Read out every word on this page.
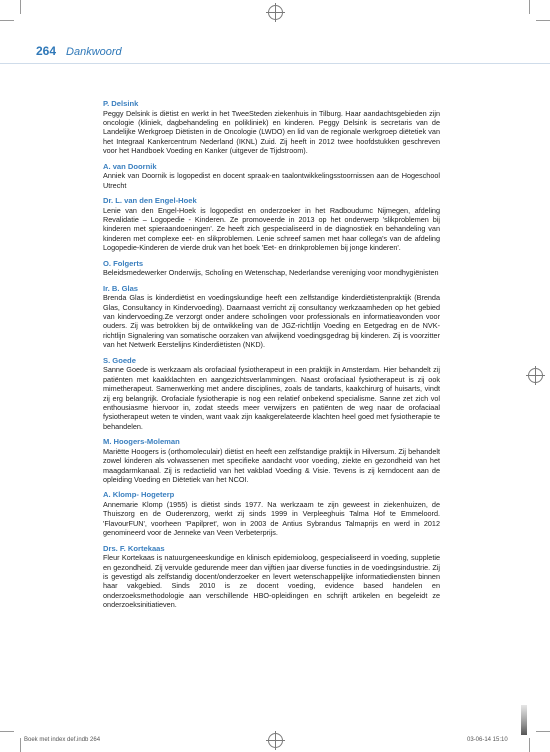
264 Dankwoord
P. Delsink
Peggy Delsink is diëtist en werkt in het TweeSteden ziekenhuis in Tilburg. Haar aandachtsgebieden zijn oncologie (kliniek, dagbehandeling en polikliniek) en kinderen. Peggy Delsink is secretaris van de Landelijke Werkgroep Diëtisten in de Oncologie (LWDO) en lid van de regionale werkgroep diëtetiek van het Integraal Kankercentrum Nederland (IKNL) Zuid. Zij heeft in 2012 twee hoofdstukken geschreven voor het Handboek Voeding en Kanker (uitgever de Tijdstroom).
A. van Doornik
Anniek van Doornik is logopedist en docent spraak-en taalontwikkelingsstoornissen aan de Hogeschool Utrecht
Dr. L. van den Engel-Hoek
Lenie van den Engel-Hoek is logopedist en onderzoeker in het Radboudumc Nijmegen, afdeling Revalidatie – Logopedie - Kinderen. Ze promoveerde in 2013 op het onderwerp 'slikproblemen bij kinderen met spieraandoeningen'. Ze heeft zich gespecialiseerd in de diagnostiek en behandeling van kinderen met complexe eet- en slikproblemen. Lenie schreef samen met haar collega's van de afdeling Logopedie-Kinderen de vierde druk van het boek 'Eet- en drinkproblemen bij jonge kinderen'.
O. Folgerts
Beleidsmedewerker Onderwijs, Scholing en Wetenschap, Nederlandse vereniging voor mondhygiënisten
Ir. B. Glas
Brenda Glas is kinderdiëtist en voedingskundige heeft een zelfstandige kinderdiëtistenpraktijk (Brenda Glas, Consultancy in Kindervoeding). Daarnaast verricht zij consultancy werkzaamheden op het gebied van kindervoeding.Ze verzorgt onder andere scholingen voor professionals en informatieavonden voor ouders. Zij was betrokken bij de ontwikkeling van de JGZ-richtlijn Voeding en Eetgedrag en de NVK-richtlijn Signalering van somatische oorzaken van afwijkend voedingsgedrag bij kinderen. Zij is voorzitter van het Netwerk Eerstelijns Kinderdiëtisten (NKD).
S. Goede
Sanne Goede is werkzaam als orofaciaal fysiotherapeut in een praktijk in Amsterdam. Hier behandelt zij patiënten met kaakklachten en aangezichtsverlammingen. Naast orofaciaal fysiotherapeut is zij ook mimetherapeut. Samenwerking met andere disciplines, zoals de tandarts, kaakchirurg of huisarts, vindt zij erg belangrijk. Orofaciale fysiotherapie is nog een relatief onbekend specialisme. Sanne zet zich vol enthousiasme hiervoor in, zodat steeds meer verwijzers en patiënten de weg naar de orofaciaal fysiotherapeut weten te vinden, want vaak zijn kaakgerelateerde klachten heel goed met fysiotherapie te behandelen.
M. Hoogers-Moleman
Mariëtte Hoogers is (orthomoleculair) diëtist en heeft een zelfstandige praktijk in Hilversum. Zij behandelt zowel kinderen als volwassenen met specifieke aandacht voor voeding, ziekte en gezondheid van het maagdarmkanaal. Zij is redactielid van het vakblad Voeding & Visie. Tevens is zij kerndocent aan de opleiding Voeding en Diëtetiek van het NCOI.
A. Klomp- Hogeterp
Annemarie Klomp (1955) is diëtist sinds 1977. Na werkzaam te zijn geweest in ziekenhuizen, de Thuiszorg en de Ouderenzorg, werkt zij sinds 1999 in Verpleeghuis Talma Hof te Emmeloord. 'FlavourFUN', voorheen 'Papilpret', won in 2003 de Antius Sybrandus Talmaprijs en werd in 2012 genomineerd voor de Jenneke van Veen Verbeterprijs.
Drs. F. Kortekaas
Fleur Kortekaas is natuurgeneeskundige en klinisch epidemioloog, gespecialiseerd in voeding, suppletie en gezondheid. Zij vervulde gedurende meer dan vijftien jaar diverse functies in de voedingsindustrie. Zij is gevestigd als zelfstandig docent/onderzoeker en levert wetenschappelijke informatiediensten binnen haar vakgebied. Sinds 2010 is ze docent voeding, evidence based handelen en onderzoeksmethodologie aan verschillende HBO-opleidingen en schrijft artikelen en begeleidt ze onderzoeksinitiatieven.
Boek met index def.indb 264	03-06-14 15:10
